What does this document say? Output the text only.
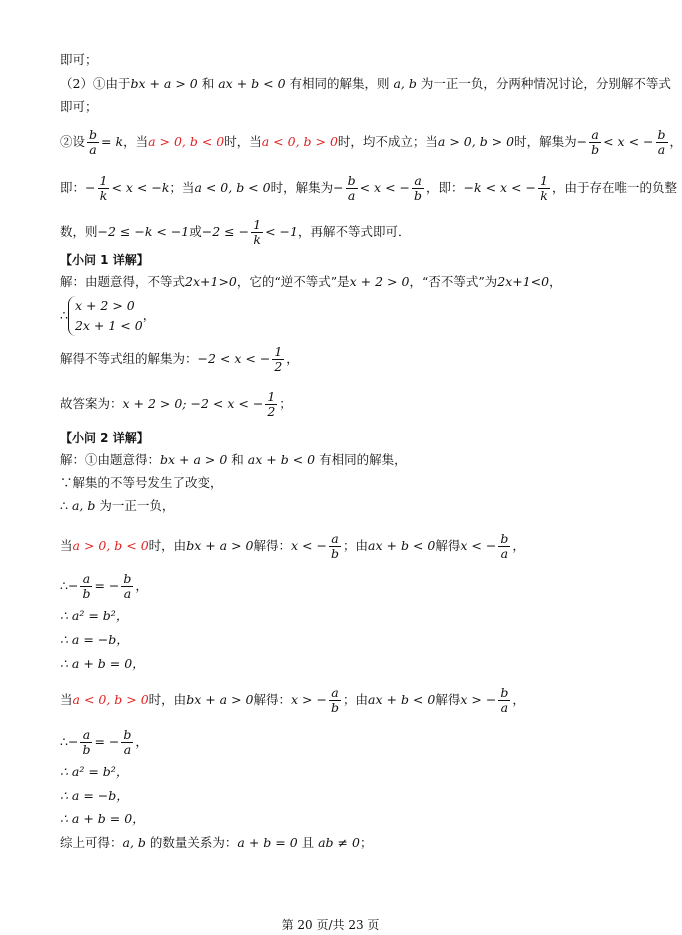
即可；
（2）①由于bx + a > 0 和 ax + b < 0 有相同的解集，则 a, b 为一正一负，分两种情况讨论，分别解不等式
即可；
②设 $\frac{b}{a} = k$，当a > 0, b < 0时，当a < 0, b > 0时，均不成立；当a > 0, b > 0时，解集为− $\frac{a}{b} < x$ < − $\frac{b}{a}$ ，
即：− $\frac{1}{k} < x < -k$；当a < 0, b < 0时，解集为− $\frac{b}{a} < x$ < − $\frac{a}{b}$ ，即：−k < x < − $\frac{1}{k}$ ，由于存在唯一的负整
数，则−2 ≤ −k < −1或−2 ≤ − $\frac{1}{k} < -1$，再解不等式即可．
【小问 1 详解】
解：由题意得，不等式2x+1>0，它的“逆不等式”是x + 2 > 0，“否不等式”为2x+1<0，
∴
x + 2 > 0
2x + 1 < 0
，
解得不等式组的解集为：−2 < x < − $\frac{1}{2}$ ，
故答案为：x + 2 > 0; −2 < x < − $\frac{1}{2}$ ；
【小问 2 详解】
解：①由题意得：bx + a > 0 和 ax + b < 0 有相同的解集，
∵解集的不等号发生了改变，
∴ a, b 为一正一负，
当a > 0, b < 0时，由bx + a > 0解得：x < − $\frac{a}{b}$ ；由ax + b < 0解得x < − $\frac{b}{a}$ ，
∴− $\frac{a}{b}$ = − $\frac{b}{a}$ ，
∴ a² = b²，
∴ a = −b，
∴ a + b = 0，
当a < 0, b > 0时，由bx + a > 0解得：x > − $\frac{a}{b}$ ；由ax + b < 0解得x > − $\frac{b}{a}$ ，
∴− $\frac{a}{b}$ = − $\frac{b}{a}$ ，
∴ a² = b²，
∴ a = −b，
∴ a + b = 0，
综上可得：a, b 的数量关系为：a + b = 0 且 ab ≠ 0；
第 20 页/共 23 页
